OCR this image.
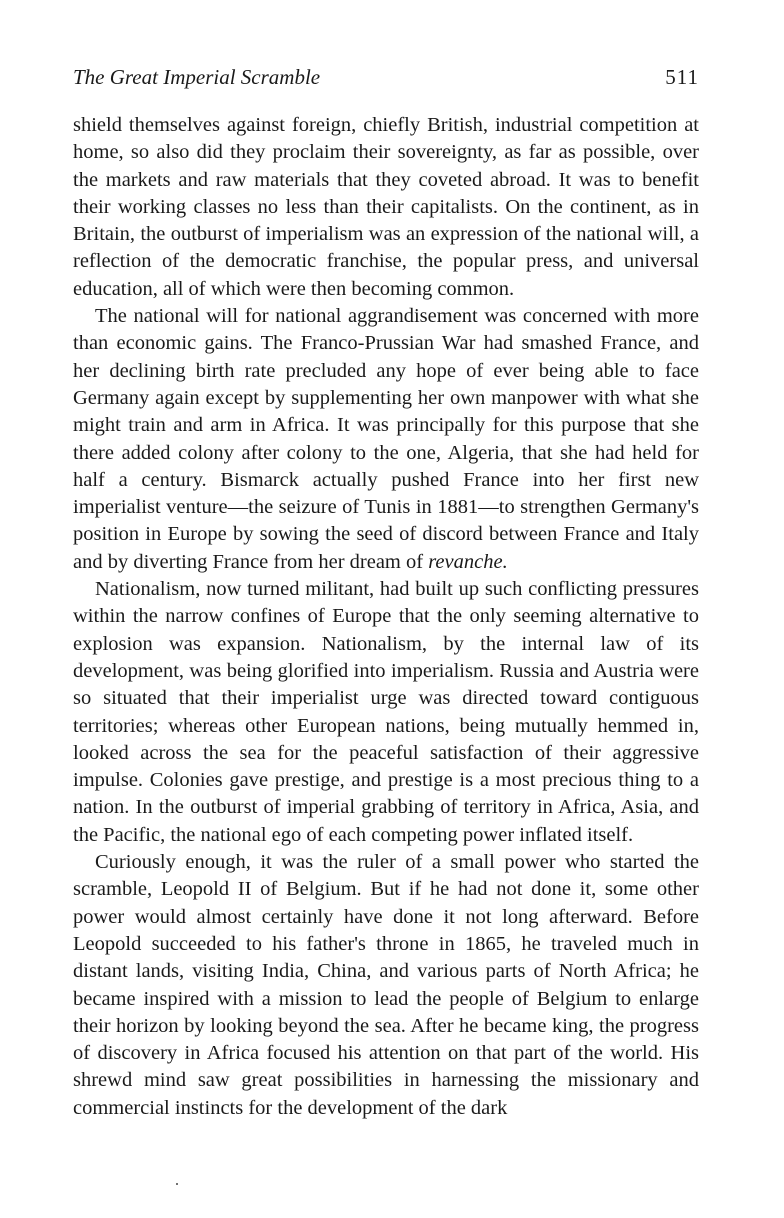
The Great Imperial Scramble	511

shield themselves against foreign, chiefly British, industrial competition at home, so also did they proclaim their sovereignty, as far as possible, over the markets and raw materials that they coveted abroad. It was to benefit their working classes no less than their capitalists. On the continent, as in Britain, the outburst of imperialism was an expression of the national will, a reflection of the democratic franchise, the popular press, and universal education, all of which were then becoming common.

The national will for national aggrandisement was concerned with more than economic gains. The Franco-Prussian War had smashed France, and her declining birth rate precluded any hope of ever being able to face Germany again except by supplementing her own manpower with what she might train and arm in Africa. It was principally for this purpose that she there added colony after colony to the one, Algeria, that she had held for half a century. Bismarck actually pushed France into her first new imperialist venture—the seizure of Tunis in 1881—to strengthen Germany's position in Europe by sowing the seed of discord between France and Italy and by diverting France from her dream of revanche.

Nationalism, now turned militant, had built up such conflicting pressures within the narrow confines of Europe that the only seeming alternative to explosion was expansion. Nationalism, by the internal law of its development, was being glorified into imperialism. Russia and Austria were so situated that their imperialist urge was directed toward contiguous territories; whereas other European nations, being mutually hemmed in, looked across the sea for the peaceful satisfaction of their aggressive impulse. Colonies gave prestige, and prestige is a most precious thing to a nation. In the outburst of imperial grabbing of territory in Africa, Asia, and the Pacific, the national ego of each competing power inflated itself.

Curiously enough, it was the ruler of a small power who started the scramble, Leopold II of Belgium. But if he had not done it, some other power would almost certainly have done it not long afterward. Before Leopold succeeded to his father's throne in 1865, he traveled much in distant lands, visiting India, China, and various parts of North Africa; he became inspired with a mission to lead the people of Belgium to enlarge their horizon by looking beyond the sea. After he became king, the progress of discovery in Africa focused his attention on that part of the world. His shrewd mind saw great possibilities in harnessing the missionary and commercial instincts for the development of the dark
